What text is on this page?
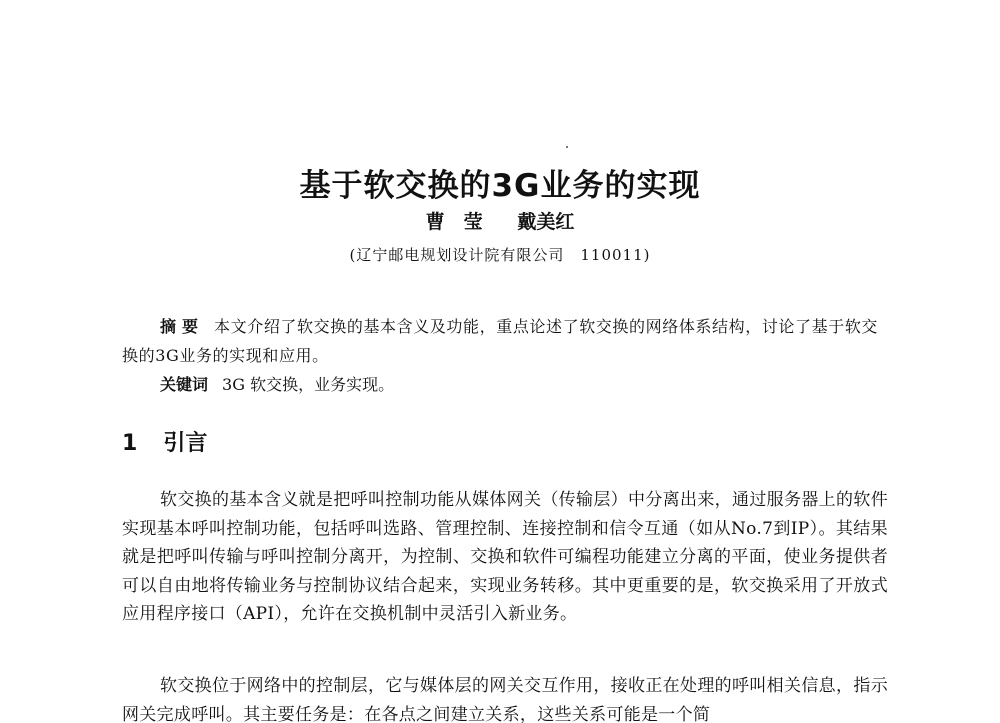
基于软交换的3G业务的实现
曹　莹 戴美红
(辽宁邮电规划设计院有限公司　110011)

摘要 本文介绍了软交换的基本含义及功能，重点论述了软交换的网络体系结构，讨论了基于软交换的3G业务的实现和应用。

关键词 3G 软交换，业务实现。

1 引言

软交换的基本含义就是把呼叫控制功能从媒体网关（传输层）中分离出来，通过服务器上的软件实现基本呼叫控制功能，包括呼叫选路、管理控制、连接控制和信令互通（如从No.7到IP）。其结果就是把呼叫传输与呼叫控制分离开，为控制、交换和软件可编程功能建立分离的平面，使业务提供者可以自由地将传输业务与控制协议结合起来，实现业务转移。其中更重要的是，软交换采用了开放式应用程序接口（API），允许在交换机制中灵活引入新业务。

软交换位于网络中的控制层，它与媒体层的网关交互作用，接收正在处理的呼叫相关信息，指示网关完成呼叫。其主要任务是：在各点之间建立关系，这些关系可能是一个简
